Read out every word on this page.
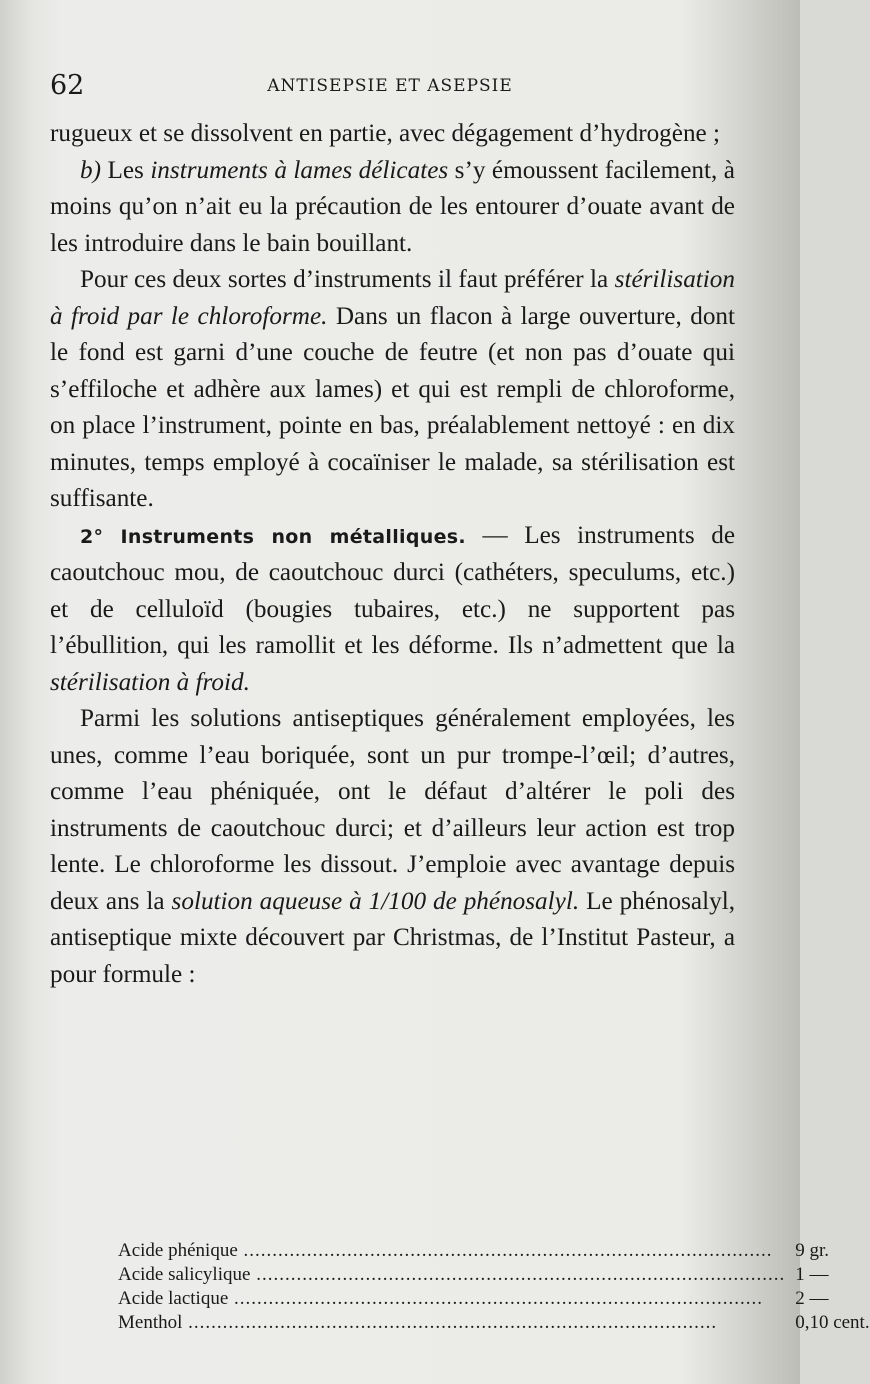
62	ANTISEPSIE ET ASEPSIE

rugueux et se dissolvent en partie, avec dégagement d’hydrogène ;

b) Les instruments à lames délicates s’y émoussent facilement, à moins qu’on n’ait eu la précaution de les entourer d’ouate avant de les introduire dans le bain bouillant.

Pour ces deux sortes d’instruments il faut préférer la stérilisation à froid par le chloroforme. Dans un flacon à large ouverture, dont le fond est garni d’une couche de feutre (et non pas d’ouate qui s’effiloche et adhère aux lames) et qui est rempli de chloroforme, on place l’instrument, pointe en bas, préalablement nettoyé : en dix minutes, temps employé à cocaïniser le malade, sa stérilisation est suffisante.

2° Instruments non métalliques. — Les instruments de caoutchouc mou, de caoutchouc durci (cathéters, speculums, etc.) et de celluloïd (bougies tubaires, etc.) ne supportent pas l’ébullition, qui les ramollit et les déforme. Ils n’admettent que la stérilisation à froid.

Parmi les solutions antiseptiques généralement employées, les unes, comme l’eau boriquée, sont un pur trompe-l’œil; d’autres, comme l’eau phéniquée, ont le défaut d’altérer le poli des instruments de caoutchouc durci; et d’ailleurs leur action est trop lente. Le chloroforme les dissout. J’emploie avec avantage depuis deux ans la solution aqueuse à 1/100 de phénosalyl. Le phénosalyl, antiseptique mixte découvert par Christmas, de l’Institut Pasteur, a pour formule :

Acide phénique .....	9 gr.
Acide salicylique .....	1 —
Acide lactique .....	2 —
Menthol .....	0,10 cent.
